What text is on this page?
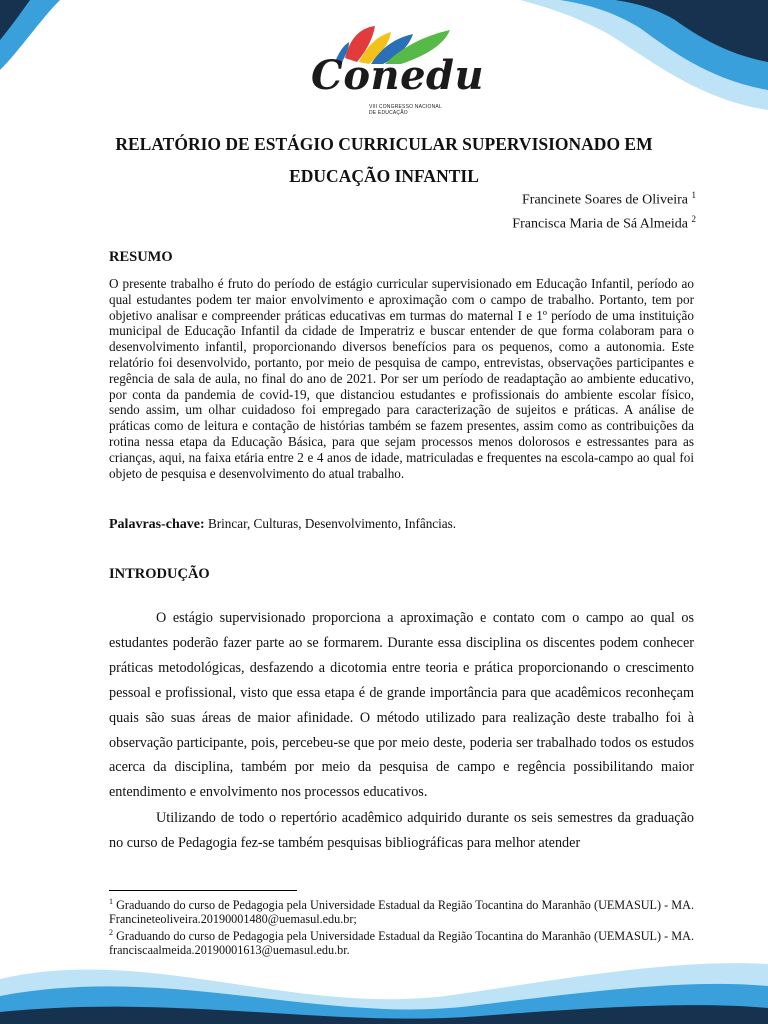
Conedu
VIII CONGRESSO NACIONAL
DE EDUCAÇÃO
RELATÓRIO DE ESTÁGIO CURRICULAR SUPERVISIONADO EM
EDUCAÇÃO INFANTIL
Francinete Soares de Oliveira $^1$
Francisca Maria de Sá Almeida $^2$
RESUMO

O presente trabalho é fruto do período de estágio curricular supervisionado em Educação Infantil, período ao qual estudantes podem ter maior envolvimento e aproximação com o campo de trabalho. Portanto, tem por objetivo analisar e compreender práticas educativas em turmas do maternal I e 1º período de uma instituição municipal de Educação Infantil da cidade de Imperatriz e buscar entender de que forma colaboram para o desenvolvimento infantil, proporcionando diversos benefícios para os pequenos, como a autonomia. Este relatório foi desenvolvido, portanto, por meio de pesquisa de campo, entrevistas, observações participantes e regência de sala de aula, no final do ano de 2021. Por ser um período de readaptação ao ambiente educativo, por conta da pandemia de covid-19, que distanciou estudantes e profissionais do ambiente escolar físico, sendo assim, um olhar cuidadoso foi empregado para caracterização de sujeitos e práticas. A análise de práticas como de leitura e contação de histórias também se fazem presentes, assim como as contribuições da rotina nessa etapa da Educação Básica, para que sejam processos menos dolorosos e estressantes para as crianças, aqui, na faixa etária entre 2 e 4 anos de idade, matriculadas e frequentes na escola-campo ao qual foi objeto de pesquisa e desenvolvimento do atual trabalho.

Palavras-chave: Brincar, Culturas, Desenvolvimento, Infâncias.

INTRODUÇÃO

O estágio supervisionado proporciona a aproximação e contato com o campo ao qual os estudantes poderão fazer parte ao se formarem. Durante essa disciplina os discentes podem conhecer práticas metodológicas, desfazendo a dicotomia entre teoria e prática proporcionando o crescimento pessoal e profissional, visto que essa etapa é de grande importância para que acadêmicos reconheçam quais são suas áreas de maior afinidade. O método utilizado para realização deste trabalho foi à observação participante, pois, percebeu-se que por meio deste, poderia ser trabalhado todos os estudos acerca da disciplina, também por meio da pesquisa de campo e regência possibilitando maior entendimento e envolvimento nos processos educativos.

Utilizando de todo o repertório acadêmico adquirido durante os seis semestres da graduação no curso de Pedagogia fez-se também pesquisas bibliográficas para melhor atender

$^1$ Graduando do curso de Pedagogia pela Universidade Estadual da Região Tocantina do Maranhão (UEMASUL) - MA. Francineteoliveira.20190001480@uemasul.edu.br;
$^2$ Graduando do curso de Pedagogia pela Universidade Estadual da Região Tocantina do Maranhão (UEMASUL) - MA. franciscaalmeida.20190001613@uemasul.edu.br.
